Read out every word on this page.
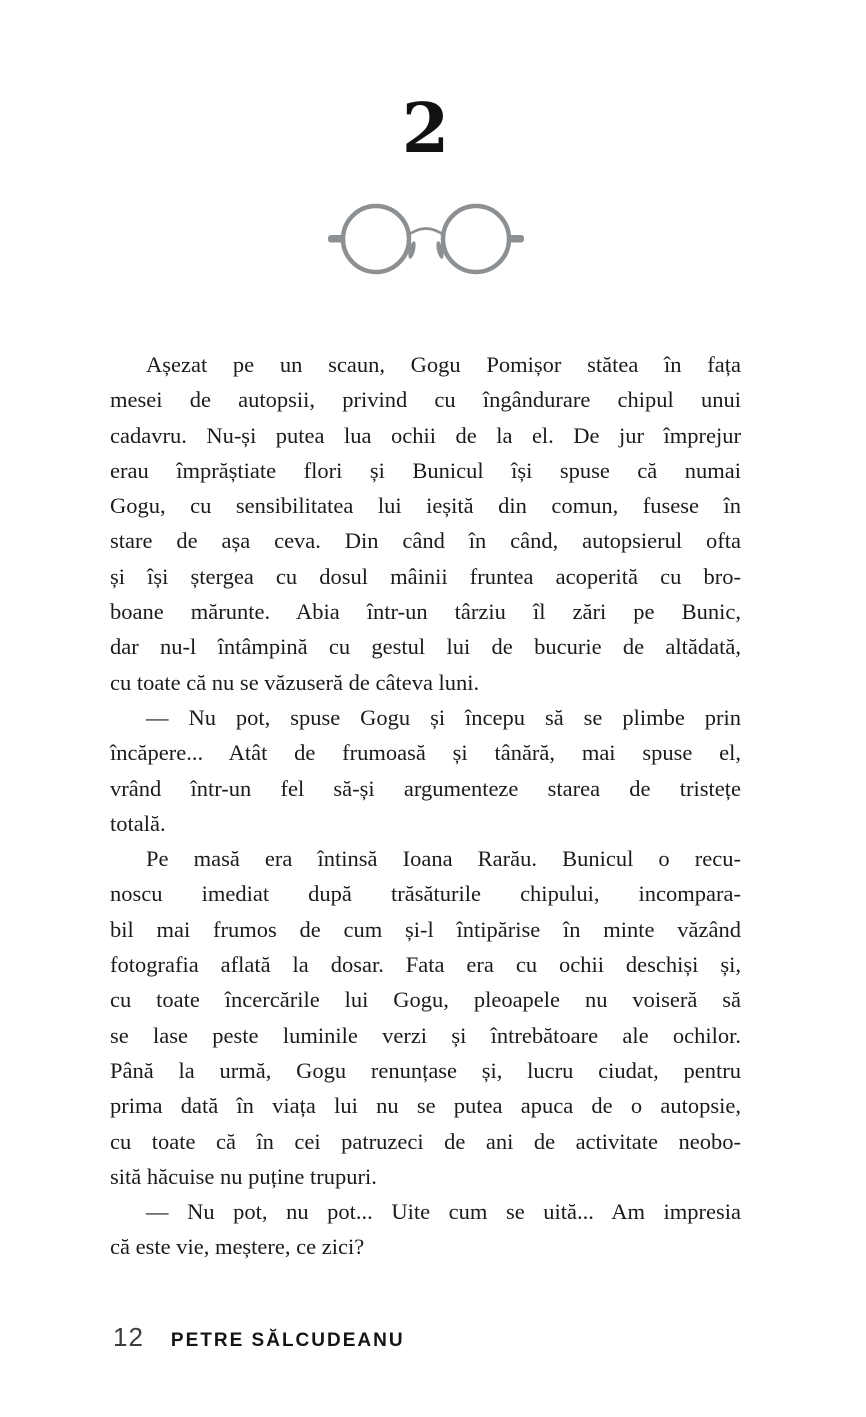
2
Așezat pe un scaun, Gogu Pomișor stătea în fața
mesei de autopsii, privind cu îngândurare chipul unui
cadavru. Nu-și putea lua ochii de la el. De jur împrejur
erau împrăștiate flori și Bunicul își spuse că numai
Gogu, cu sensibilitatea lui ieșită din comun, fusese în
stare de așa ceva. Din când în când, autopsierul ofta
și își ștergea cu dosul mâinii fruntea acoperită cu bro-
boane mărunte. Abia într-un târziu îl zări pe Bunic,
dar nu-l întâmpină cu gestul lui de bucurie de altădată,
cu toate că nu se văzuseră de câteva luni.
— Nu pot, spuse Gogu și începu să se plimbe prin
încăpere... Atât de frumoasă și tânără, mai spuse el,
vrând într-un fel să-și argumenteze starea de tristețe
totală.
Pe masă era întinsă Ioana Rarău. Bunicul o recu-
noscu imediat după trăsăturile chipului, incompara-
bil mai frumos de cum și-l întipărise în minte văzând
fotografia aflată la dosar. Fata era cu ochii deschiși și,
cu toate încercările lui Gogu, pleoapele nu voiseră să
se lase peste luminile verzi și întrebătoare ale ochilor.
Până la urmă, Gogu renunțase și, lucru ciudat, pentru
prima dată în viața lui nu se putea apuca de o autopsie,
cu toate că în cei patruzeci de ani de activitate neobo-
sită hăcuise nu puține trupuri.
— Nu pot, nu pot... Uite cum se uită... Am impresia
că este vie, meștere, ce zici?
12 PETRE SĂLCUDEANU
